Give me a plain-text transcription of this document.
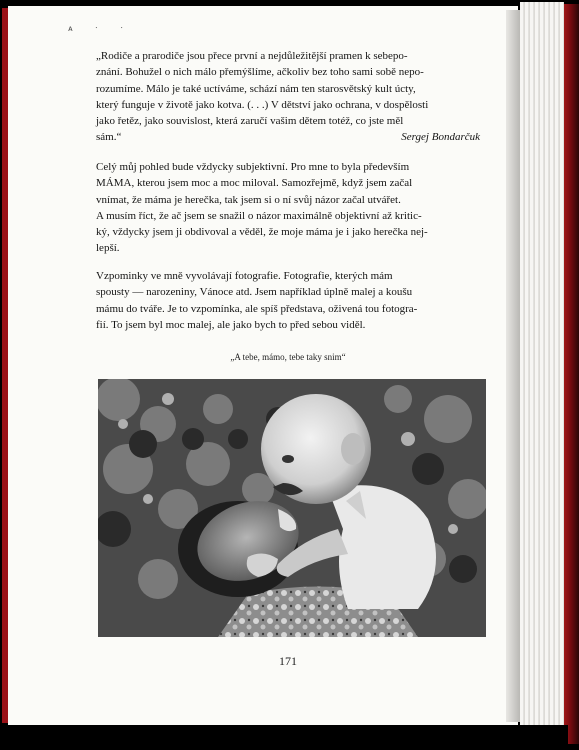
ᴀ ˑ ˑ

„Rodiče a prarodiče jsou přece první a nejdůležitější pramen k sebepo-
znání. Bohužel o nich málo přemýšlíme, ačkoliv bez toho sami sobě nepo-
rozumíme. Málo je také uctíváme, schází nám ten starosvětský kult úcty,
který funguje v životě jako kotva. (. . .) V dětství jako ochrana, v dospělosti
jako řetěz, jako souvislost, která zaručí vašim dětem totéž, co jste měl
sám.“	Sergej Bondarčuk

Celý můj pohled bude vždycky subjektivní. Pro mne to byla především
MÁMA, kterou jsem moc a moc miloval. Samozřejmě, když jsem začal
vnímat, že máma je herečka, tak jsem si o ní svůj názor začal utvářet.
A musím říct, že ač jsem se snažil o názor maximálně objektivní až kritic-
ký, vždycky jsem ji obdivoval a věděl, že moje máma je i jako herečka nej-
lepší.

Vzpominky ve mně vyvolávají fotografie. Fotografie, kterých mám
spousty — narozeniny, Vánoce atd. Jsem například úplně malej a koušu
mámu do tváře. Je to vzpomínka, ale spíš představa, oživená tou fotogra-
fií. To jsem byl moc malej, ale jako bych to před sebou viděl.

„A tebe, mámo, tebe taky snim“
171
